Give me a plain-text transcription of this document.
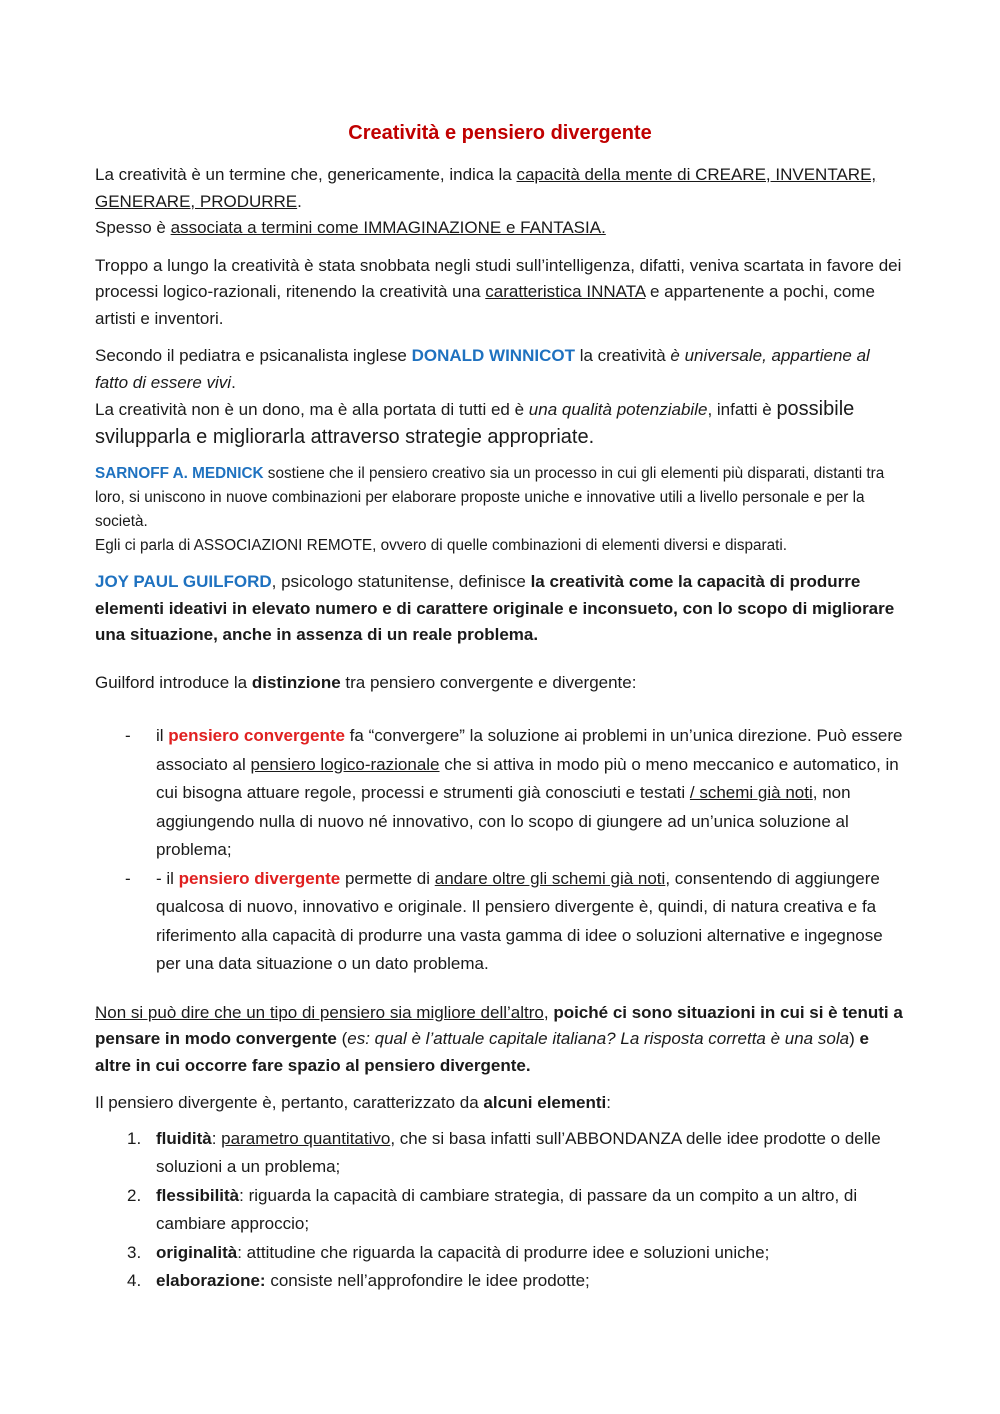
Creatività e pensiero divergente

La creatività è un termine che, genericamente, indica la capacità della mente di CREARE, INVENTARE, GENERARE, PRODURRE.
Spesso è associata a termini come IMMAGINAZIONE e FANTASIA.

Troppo a lungo la creatività è stata snobbata negli studi sull’intelligenza, difatti, veniva scartata in favore dei processi logico-razionali, ritenendo la creatività una caratteristica INNATA e appartenente a pochi, come artisti e inventori.

Secondo il pediatra e psicanalista inglese DONALD WINNICOT la creatività è universale, appartiene al fatto di essere vivi.
La creatività non è un dono, ma è alla portata di tutti ed è una qualità potenziabile, infatti è possibile svilupparla e migliorarla attraverso strategie appropriate.

SARNOFF A. MEDNICK sostiene che il pensiero creativo sia un processo in cui gli elementi più disparati, distanti tra loro, si uniscono in nuove combinazioni per elaborare proposte uniche e innovative utili a livello personale e per la società.
Egli ci parla di ASSOCIAZIONI REMOTE, ovvero di quelle combinazioni di elementi diversi e disparati.

JOY PAUL GUILFORD, psicologo statunitense, definisce la creatività come la capacità di produrre elementi ideativi in elevato numero e di carattere originale e inconsueto, con lo scopo di migliorare una situazione, anche in assenza di un reale problema.

Guilford introduce la distinzione tra pensiero convergente e divergente:

- il pensiero convergente fa “convergere” la soluzione ai problemi in un’unica direzione. Può essere associato al pensiero logico-razionale che si attiva in modo più o meno meccanico e automatico, in cui bisogna attuare regole, processi e strumenti già conosciuti e testati / schemi già noti, non aggiungendo nulla di nuovo né innovativo, con lo scopo di giungere ad un’unica soluzione al problema;
- - il pensiero divergente permette di andare oltre gli schemi già noti, consentendo di aggiungere qualcosa di nuovo, innovativo e originale. Il pensiero divergente è, quindi, di natura creativa e fa riferimento alla capacità di produrre una vasta gamma di idee o soluzioni alternative e ingegnose per una data situazione o un dato problema.

Non si può dire che un tipo di pensiero sia migliore dell’altro, poiché ci sono situazioni in cui si è tenuti a pensare in modo convergente (es: qual è l’attuale capitale italiana? La risposta corretta è una sola) e altre in cui occorre fare spazio al pensiero divergente.

Il pensiero divergente è, pertanto, caratterizzato da alcuni elementi:

1. fluidità: parametro quantitativo, che si basa infatti sull’ABBONDANZA delle idee prodotte o delle soluzioni a un problema;
2. flessibilità: riguarda la capacità di cambiare strategia, di passare da un compito a un altro, di cambiare approccio;
3. originalità: attitudine che riguarda la capacità di produrre idee e soluzioni uniche;
4. elaborazione: consiste nell’approfondire le idee prodotte;
